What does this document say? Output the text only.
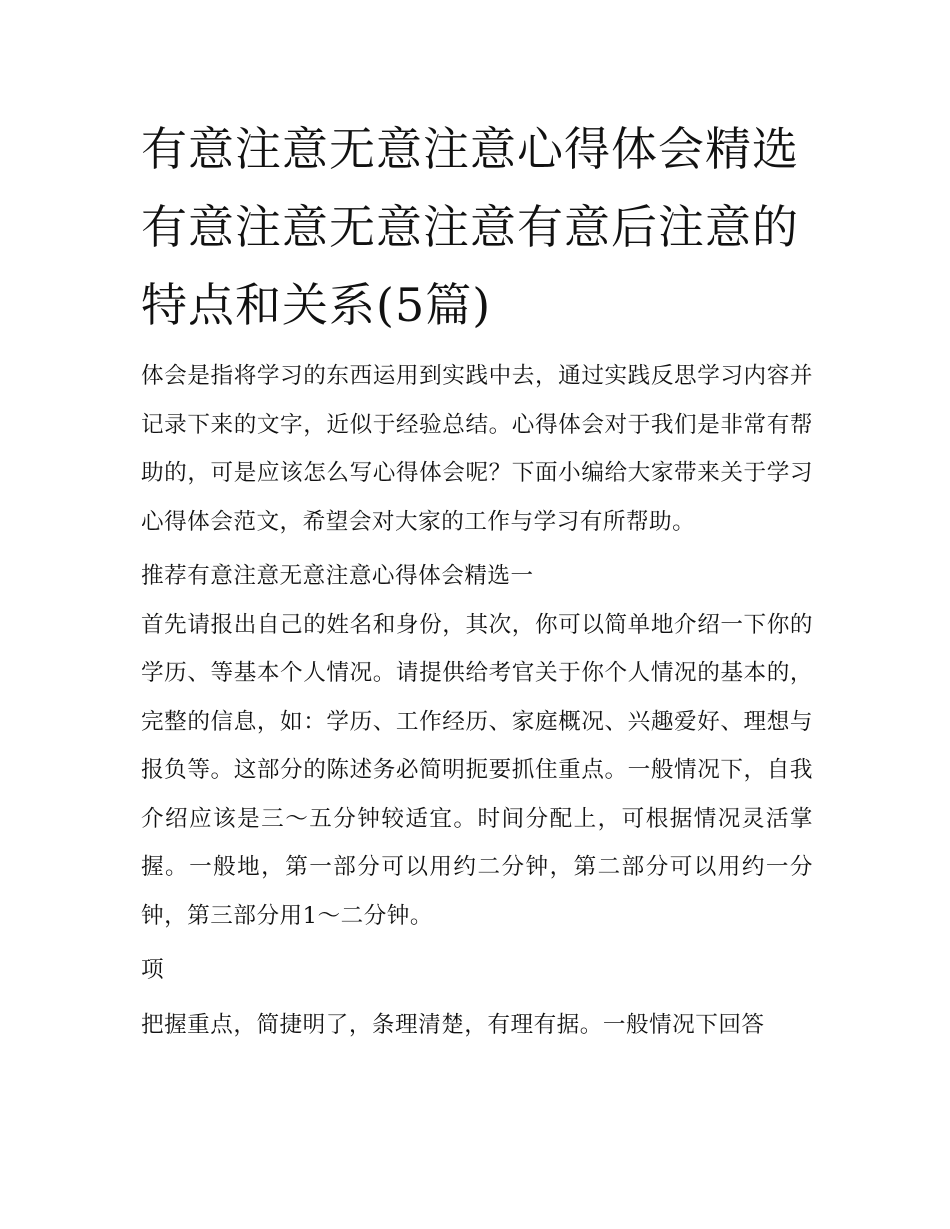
有意注意无意注意心得体会精选 有意注意无意注意有意后注意的特点和关系(5篇)

体会是指将学习的东西运用到实践中去，通过实践反思学习内容并记录下来的文字，近似于经验总结。心得体会对于我们是非常有帮助的，可是应该怎么写心得体会呢？下面小编给大家带来关于学习心得体会范文，希望会对大家的工作与学习有所帮助。

推荐有意注意无意注意心得体会精选一

首先请报出自己的姓名和身份，其次，你可以简单地介绍一下你的学历、等基本个人情况。请提供给考官关于你个人情况的基本的，完整的信息，如：学历、工作经历、家庭概况、兴趣爱好、理想与报负等。这部分的陈述务必简明扼要抓住重点。一般情况下，自我介绍应该是三～五分钟较适宜。时间分配上，可根据情况灵活掌握。一般地，第一部分可以用约二分钟，第二部分可以用约一分钟，第三部分用1～二分钟。

项

把握重点，简捷明了，条理清楚，有理有据。一般情况下回答
